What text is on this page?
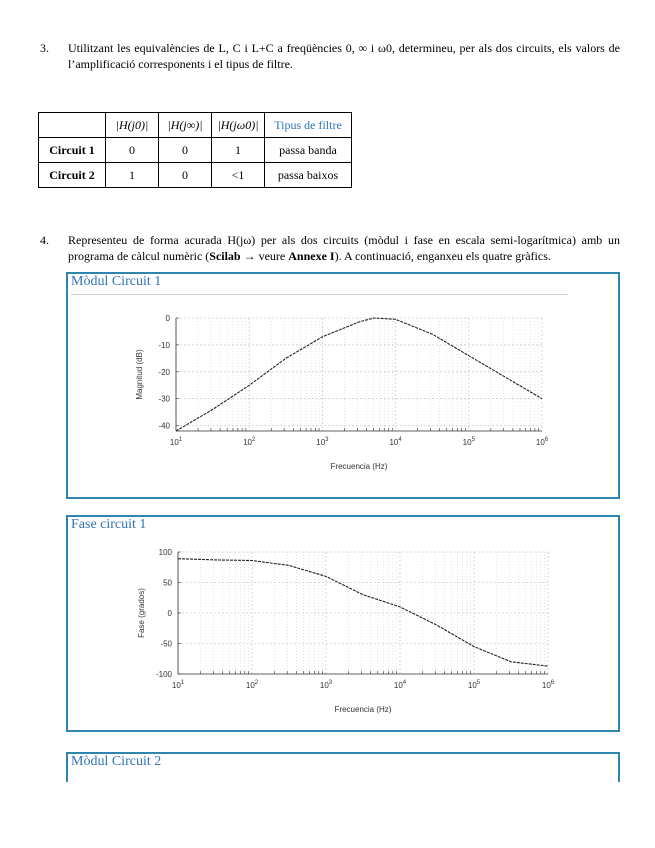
3. Utilitzant les equivalències de L, C i L+C a freqüències 0, ∞ i ω0, determineu, per als dos circuits, els valors de l’amplificació corresponents i el tipus de filtre.
	|H(j0)|	|H(j∞)|	|H(jω0)|	Tipus de filtre
Circuit 1	0	0	1	passa banda
Circuit 2	1	0	<1	passa baixos
4. Representeu de forma acurada H(jω) per als dos circuits (mòdul i fase en escala semi-logarítmica) amb un programa de càlcul numèric (Scilab → veure Annexe I). A continuació, enganxeu els quatre gràfics.
Mòdul Circuit 1
$10^1$	$10^2$	$10^3$	$10^4$	$10^5$	$10^6$
0
-10
-20
-30
-40
Frecuencia (Hz)
Magnitud (dB)
Fase circuit 1
$10^1$	$10^2$	$10^3$	$10^4$	$10^5$	$10^6$
100
50
0
-50
-100
Frecuencia (Hz)
Fase (grados)
Mòdul Circuit 2
